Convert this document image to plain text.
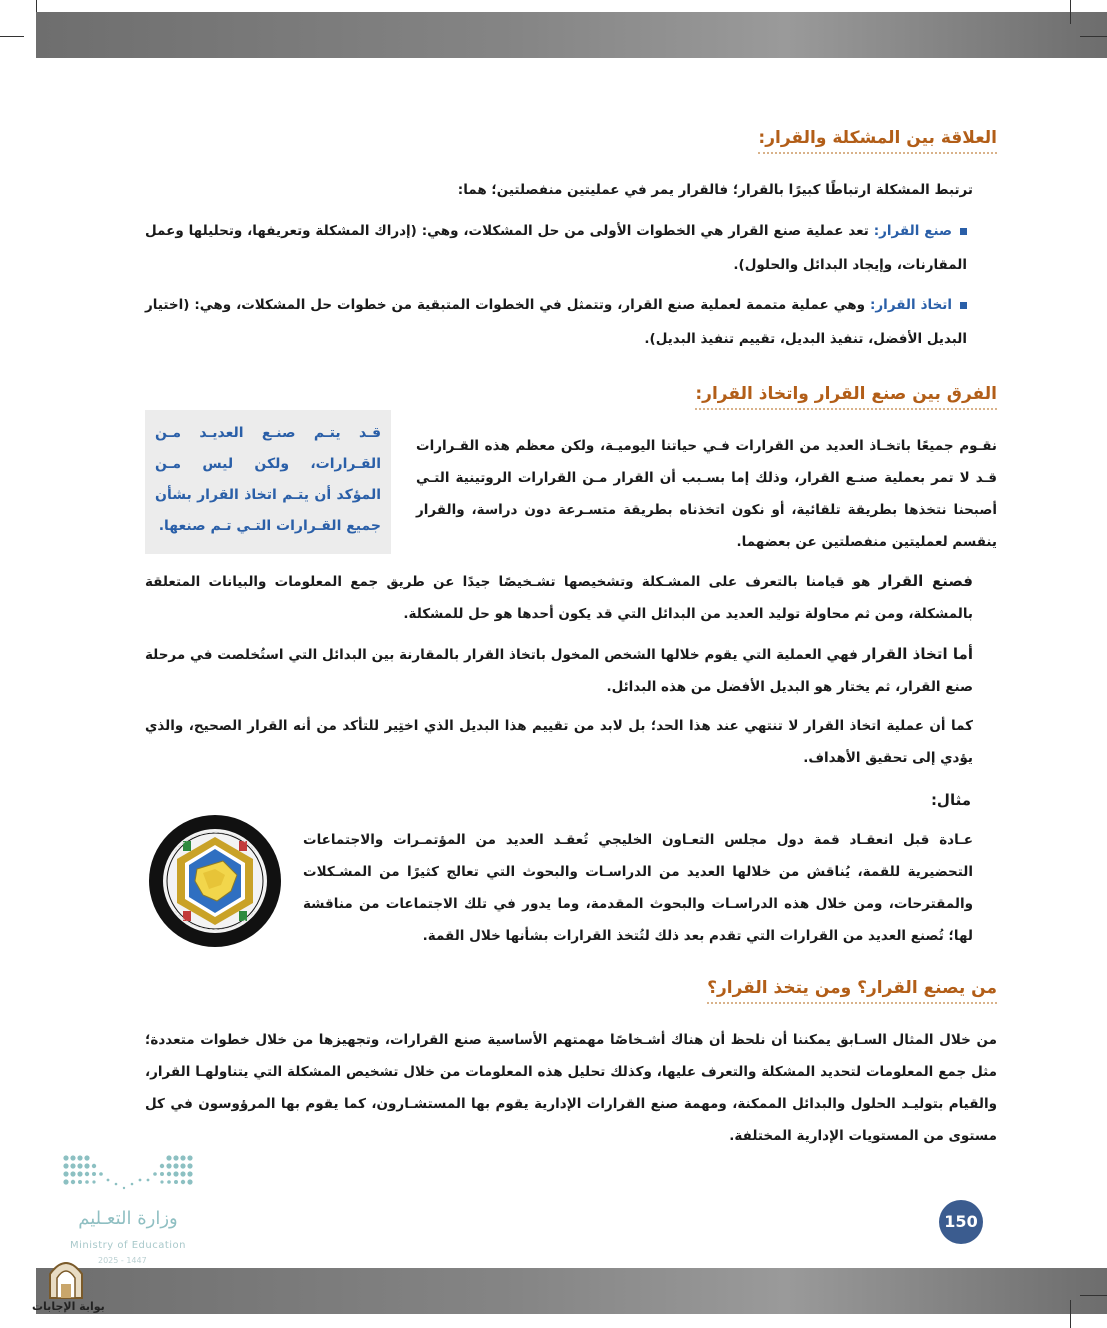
العلاقة بين المشكلة والقرار:
ترتبط المشكلة ارتباطًا كبيرًا بالقرار؛ فالقرار يمر في عمليتين منفصلتين؛ هما:
صنع القرار: تعد عملية صنع القرار هي الخطوات الأولى من حل المشكلات، وهي: (إدراك المشكلة وتعريفها، وتحليلها وعمل المقارنات، وإيجاد البدائل والحلول).
اتخاذ القرار: وهي عملية متممة لعملية صنع القرار، وتتمثل في الخطوات المتبقية من خطوات حل المشكلات، وهي: (اختيار البديل الأفضل، تنفيذ البديل، تقييم تنفيذ البديل).
الفرق بين صنع القرار واتخاذ القرار:
قـد يتـم صنـع العديـد مـن القـرارات، ولكن ليس مـن المؤكد أن يتـم اتخاذ القرار بشأن جميع القـرارات التـي تـم صنعها.
نقـوم جميعًا باتخـاذ العديد من القرارات فـي حياتنا اليوميـة، ولكن معظم هذه القـرارات قـد لا تمر بعملية صنـع القرار، وذلك إما بسـبب أن القرار مـن القرارات الروتينية التـي أصبحنا نتخذها بطريقة تلقائية، أو نكون اتخذناه بطريقة متسـرعة دون دراسة، والقرار ينقسم لعمليتين منفصلتين عن بعضهما.
فصنع القرار هو قيامنا بالتعرف على المشـكلة وتشخيصها تشـخيصًا جيدًا عن طريق جمع المعلومات والبيانات المتعلقة بالمشكلة، ومن ثم محاولة توليد العديد من البدائل التي قد يكون أحدها هو حل للمشكلة.
أما اتخاذ القرار فهي العملية التي يقوم خلالها الشخص المخول باتخاذ القرار بالمقارنة بين البدائل التي استُخلصت في مرحلة صنع القرار، ثم يختار هو البديل الأفضل من هذه البدائل.
كما أن عملية اتخاذ القرار لا تنتهي عند هذا الحد؛ بل لابد من تقييم هذا البديل الذي اختِير للتأكد من أنه القرار الصحيح، والذي يؤدي إلى تحقيق الأهداف.
مثال:
عـادة قبل انعقـاد قمة دول مجلس التعـاون الخليجي تُعقـد العديد من المؤتمـرات والاجتماعات التحضيرية للقمة، يُناقش من خلالها العديد من الدراسـات والبحوث التي تعالج كثيرًا من المشـكلات والمقترحات، ومن خلال هذه الدراسـات والبحوث المقدمة، وما يدور في تلك الاجتماعات من مناقشة لها؛ تُصنع العديد من القرارات التي تقدم بعد ذلك لتُتخذ القرارات بشأنها خلال القمة.
من يصنع القرار؟ ومن يتخذ القرار؟
من خلال المثال السـابق يمكننا أن نلحظ أن هناك أشـخاصًا مهمتهم الأساسية صنع القرارات، وتجهيزها من خلال خطوات متعددة؛ مثل جمع المعلومات لتحديد المشكلة والتعرف عليها، وكذلك تحليل هذه المعلومات من خلال تشخيص المشكلة التي يتناولهـا القرار، والقيام بتوليـد الحلول والبدائل الممكنة، ومهمة صنع القرارات الإدارية يقوم بها المستشـارون، كما يقوم بها المرؤوسون في كل مستوى من المستويات الإدارية المختلفة.
وزارة التعـليم
Ministry of Education
2025 - 1447
بوابة الإجابات
150
